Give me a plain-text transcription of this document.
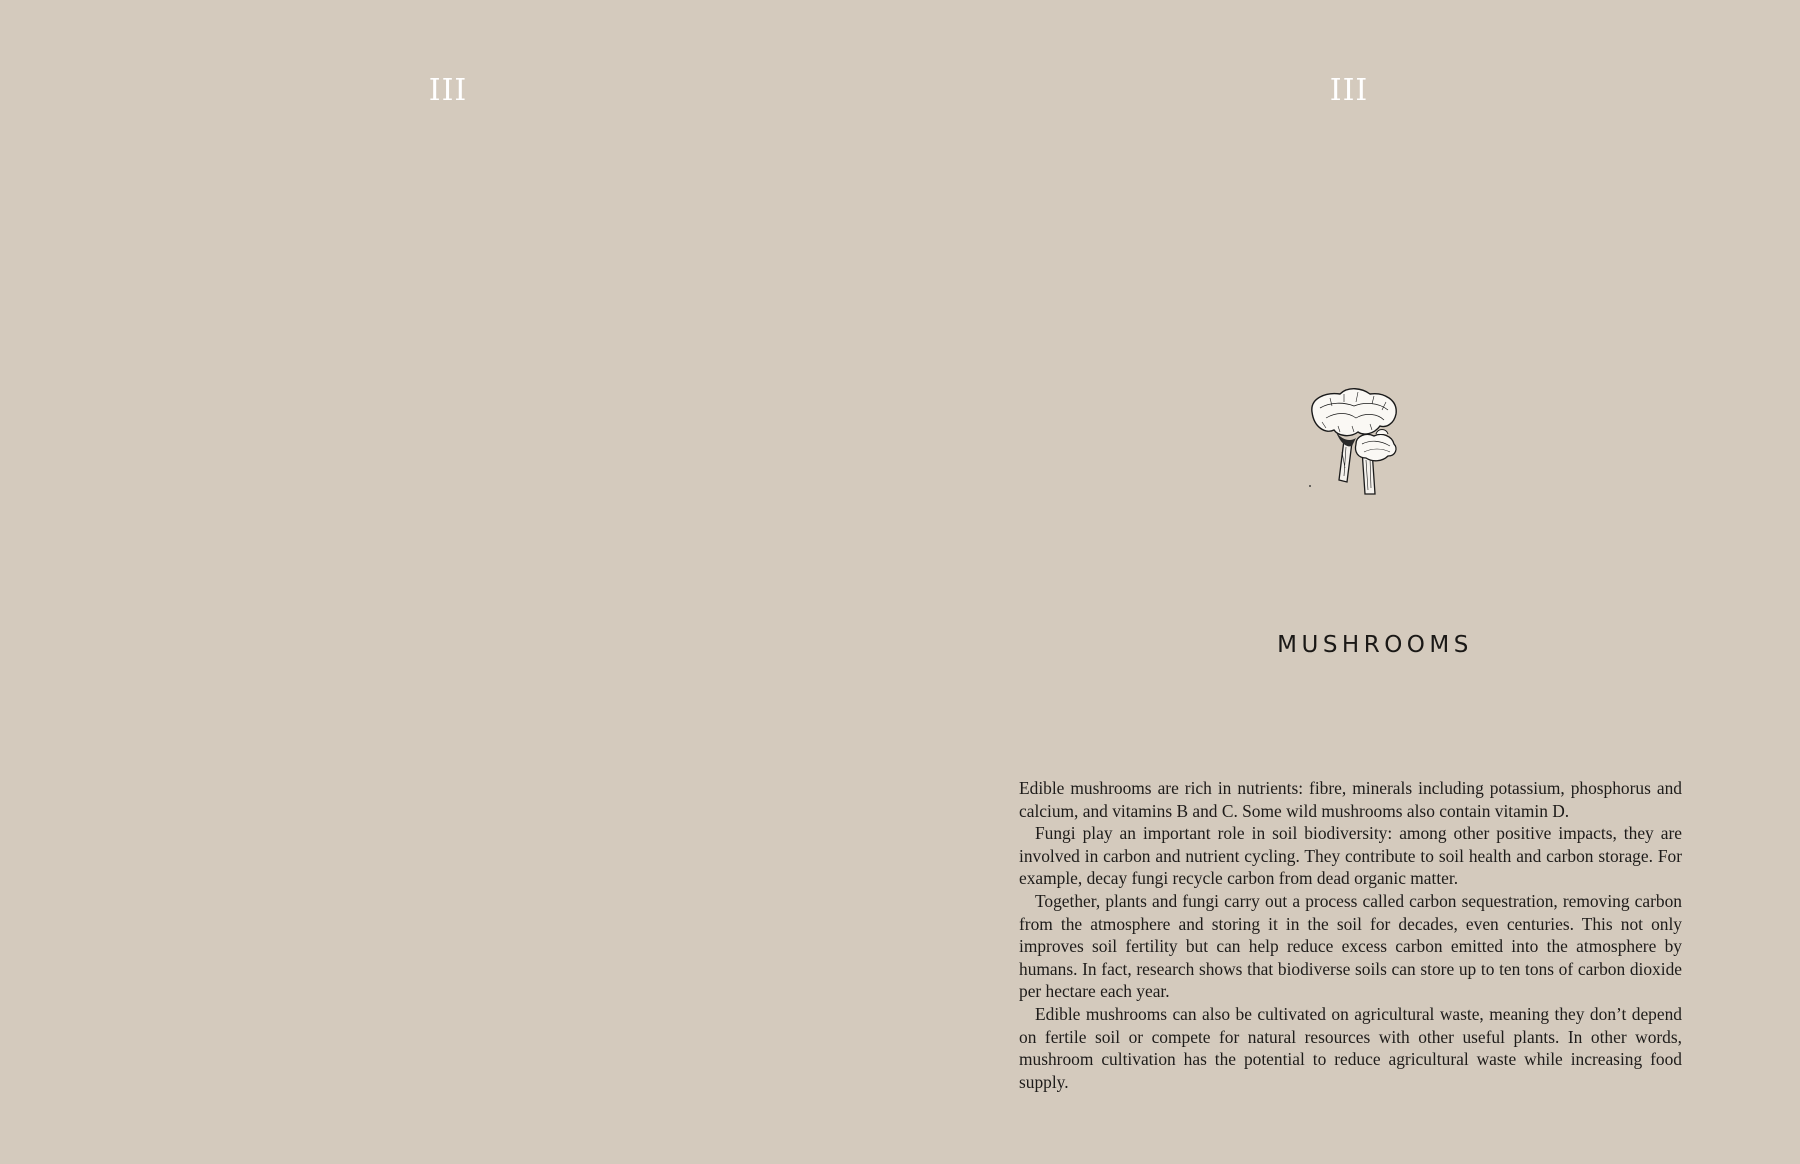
III	III
MUSHROOMS

Edible mushrooms are rich in nutrients: fibre, minerals including potassium, phosphorus and calcium, and vitamins B and C. Some wild mushrooms also contain vitamin D.

Fungi play an important role in soil biodiversity: among other positive impacts, they are involved in carbon and nutrient cycling. They contribute to soil health and carbon storage. For example, decay fungi recycle carbon from dead organic matter.

Together, plants and fungi carry out a process called carbon sequestration, removing carbon from the atmosphere and storing it in the soil for decades, even centuries. This not only improves soil fertility but can help reduce excess carbon emitted into the atmosphere by humans. In fact, research shows that biodiverse soils can store up to ten tons of carbon dioxide per hectare each year.

Edible mushrooms can also be cultivated on agricultural waste, meaning they don’t depend on fertile soil or compete for natural resources with other useful plants. In other words, mushroom cultivation has the potential to reduce agricultural waste while increasing food supply.
